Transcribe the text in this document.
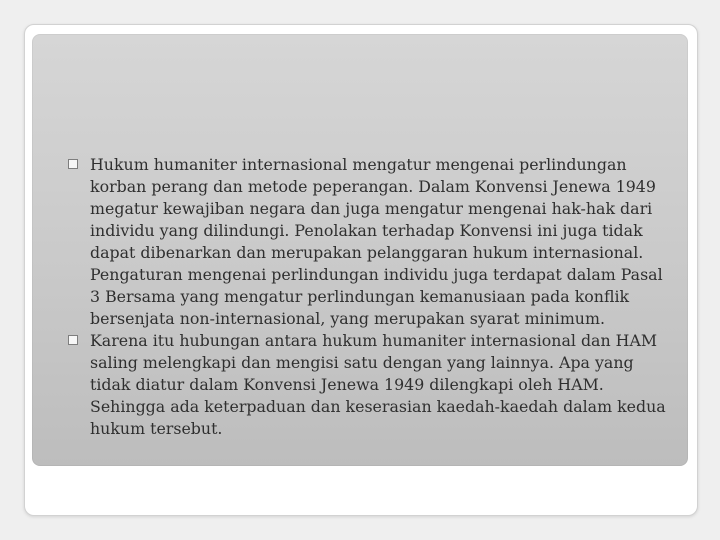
Hukum humaniter internasional mengatur mengenai perlindungan korban perang dan metode peperangan. Dalam Konvensi Jenewa 1949 megatur kewajiban negara dan juga mengatur mengenai hak-hak dari individu yang dilindungi. Penolakan terhadap Konvensi ini juga tidak dapat dibenarkan dan merupakan pelanggaran hukum internasional. Pengaturan mengenai perlindungan individu juga terdapat dalam Pasal 3 Bersama yang mengatur perlindungan kemanusiaan pada konflik bersenjata non-internasional, yang merupakan syarat minimum.
Karena itu hubungan antara hukum humaniter internasional dan HAM saling melengkapi dan mengisi satu dengan yang lainnya. Apa yang tidak diatur dalam Konvensi Jenewa 1949 dilengkapi oleh HAM. Sehingga ada keterpaduan dan keserasian kaedah-kaedah dalam kedua hukum tersebut.
